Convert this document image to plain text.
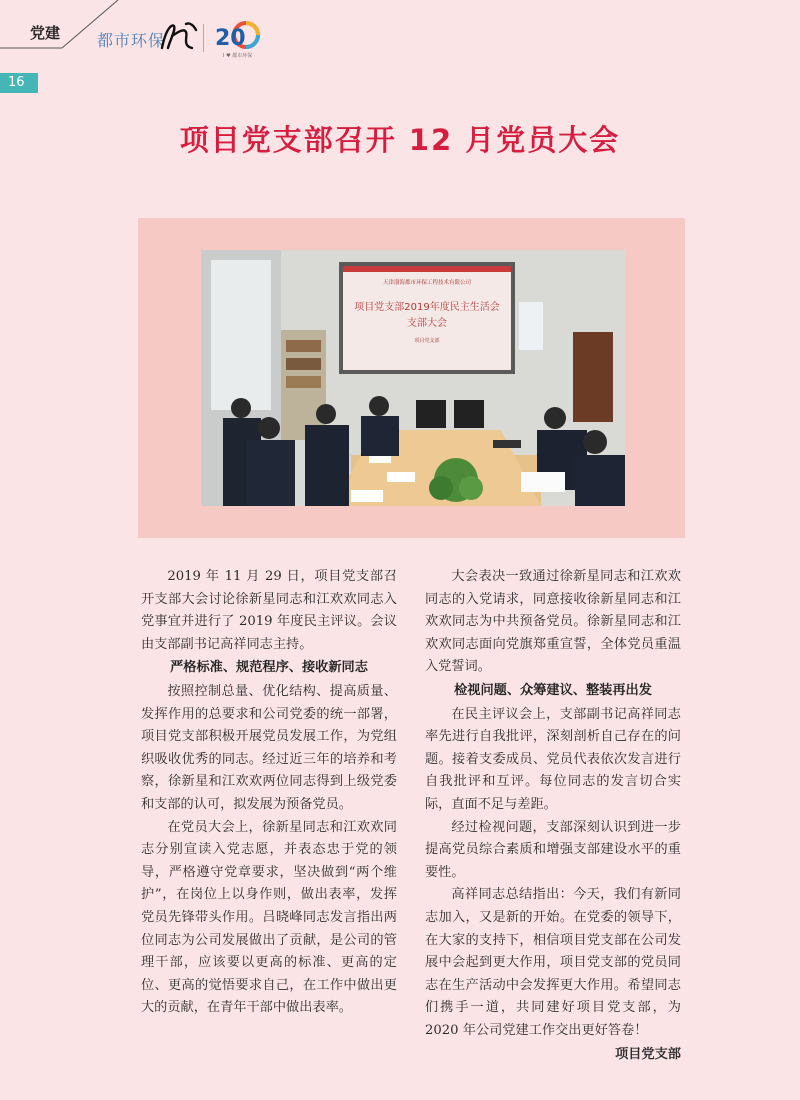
党建 都市环保 20
I ♥ 都市环保
16
项目党支部召开 12 月党员大会
天津渤海都市环保工程技术有限公司
项目党支部2019年度民主生活会
支部大会
项目党支部

2019 年 11 月 29 日，项目党支部召开支部大会讨论徐新星同志和江欢欢同志入党事宜并进行了 2019 年度民主评议。会议由支部副书记高祥同志主持。

严格标准、规范程序、接收新同志

按照控制总量、优化结构、提高质量、发挥作用的总要求和公司党委的统一部署，项目党支部积极开展党员发展工作，为党组织吸收优秀的同志。经过近三年的培养和考察，徐新星和江欢欢两位同志得到上级党委和支部的认可，拟发展为预备党员。

在党员大会上，徐新星同志和江欢欢同志分别宣读入党志愿，并表态忠于党的领导，严格遵守党章要求，坚决做到“两个维护”，在岗位上以身作则，做出表率，发挥党员先锋带头作用。吕晓峰同志发言指出两位同志为公司发展做出了贡献，是公司的管理干部，应该要以更高的标准、更高的定位、更高的觉悟要求自己，在工作中做出更大的贡献，在青年干部中做出表率。

大会表决一致通过徐新星同志和江欢欢同志的入党请求，同意接收徐新星同志和江欢欢同志为中共预备党员。徐新星同志和江欢欢同志面向党旗郑重宣誓，全体党员重温入党誓词。

检视问题、众筹建议、整装再出发

在民主评议会上，支部副书记高祥同志率先进行自我批评，深刻剖析自己存在的问题。接着支委成员、党员代表依次发言进行自我批评和互评。每位同志的发言切合实际，直面不足与差距。

经过检视问题，支部深刻认识到进一步提高党员综合素质和增强支部建设水平的重要性。

高祥同志总结指出：今天，我们有新同志加入，又是新的开始。在党委的领导下，在大家的支持下，相信项目党支部在公司发展中会起到更大作用，项目党支部的党员同志在生产活动中会发挥更大作用。希望同志们携手一道，共同建好项目党支部，为 2020 年公司党建工作交出更好答卷！

项目党支部
